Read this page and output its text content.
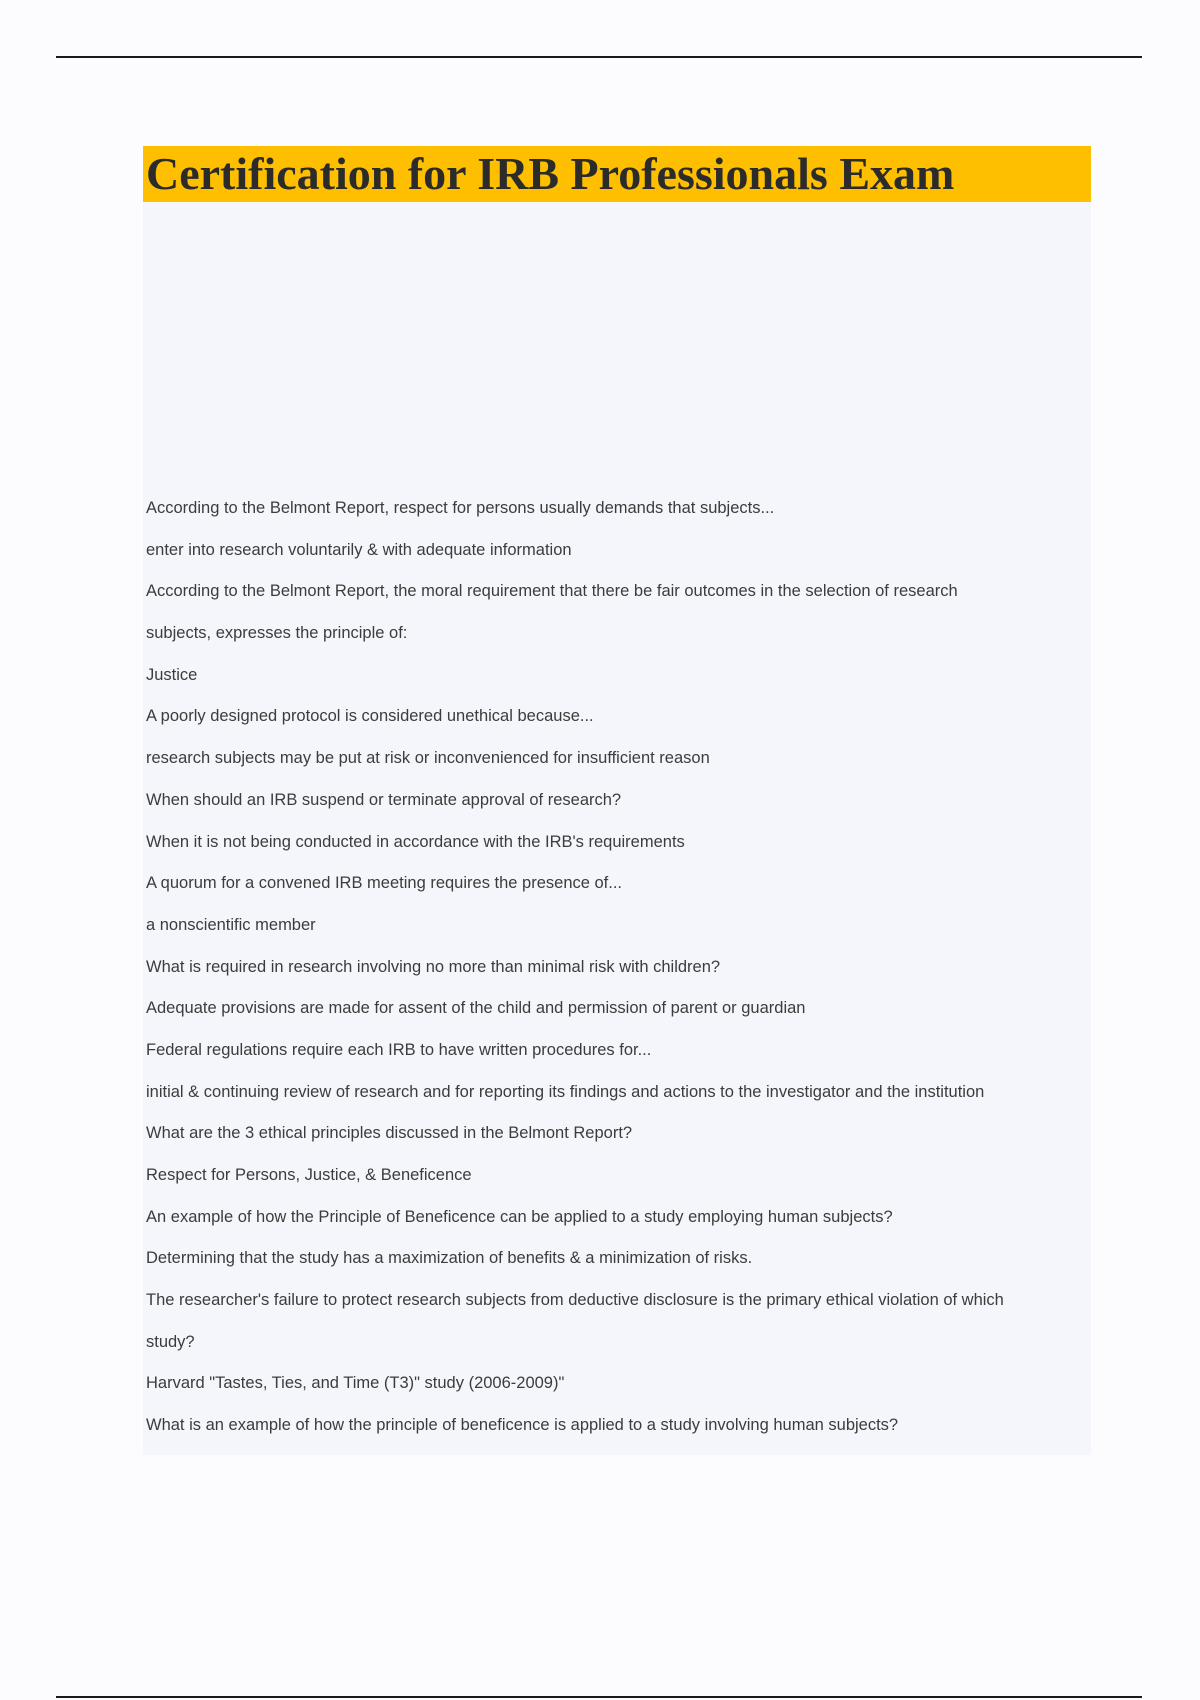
Certification for IRB Professionals Exam
According to the Belmont Report, respect for persons usually demands that subjects...
enter into research voluntarily & with adequate information
According to the Belmont Report, the moral requirement that there be fair outcomes in the selection of research
subjects, expresses the principle of:
Justice
A poorly designed protocol is considered unethical because...
research subjects may be put at risk or inconvenienced for insufficient reason
When should an IRB suspend or terminate approval of research?
When it is not being conducted in accordance with the IRB's requirements
A quorum for a convened IRB meeting requires the presence of...
a nonscientific member
What is required in research involving no more than minimal risk with children?
Adequate provisions are made for assent of the child and permission of parent or guardian
Federal regulations require each IRB to have written procedures for...
initial & continuing review of research and for reporting its findings and actions to the investigator and the institution
What are the 3 ethical principles discussed in the Belmont Report?
Respect for Persons, Justice, & Beneficence
An example of how the Principle of Beneficence can be applied to a study employing human subjects?
Determining that the study has a maximization of benefits & a minimization of risks.
The researcher's failure to protect research subjects from deductive disclosure is the primary ethical violation of which
study?
Harvard "Tastes, Ties, and Time (T3)" study (2006-2009)"
What is an example of how the principle of beneficence is applied to a study involving human subjects?
